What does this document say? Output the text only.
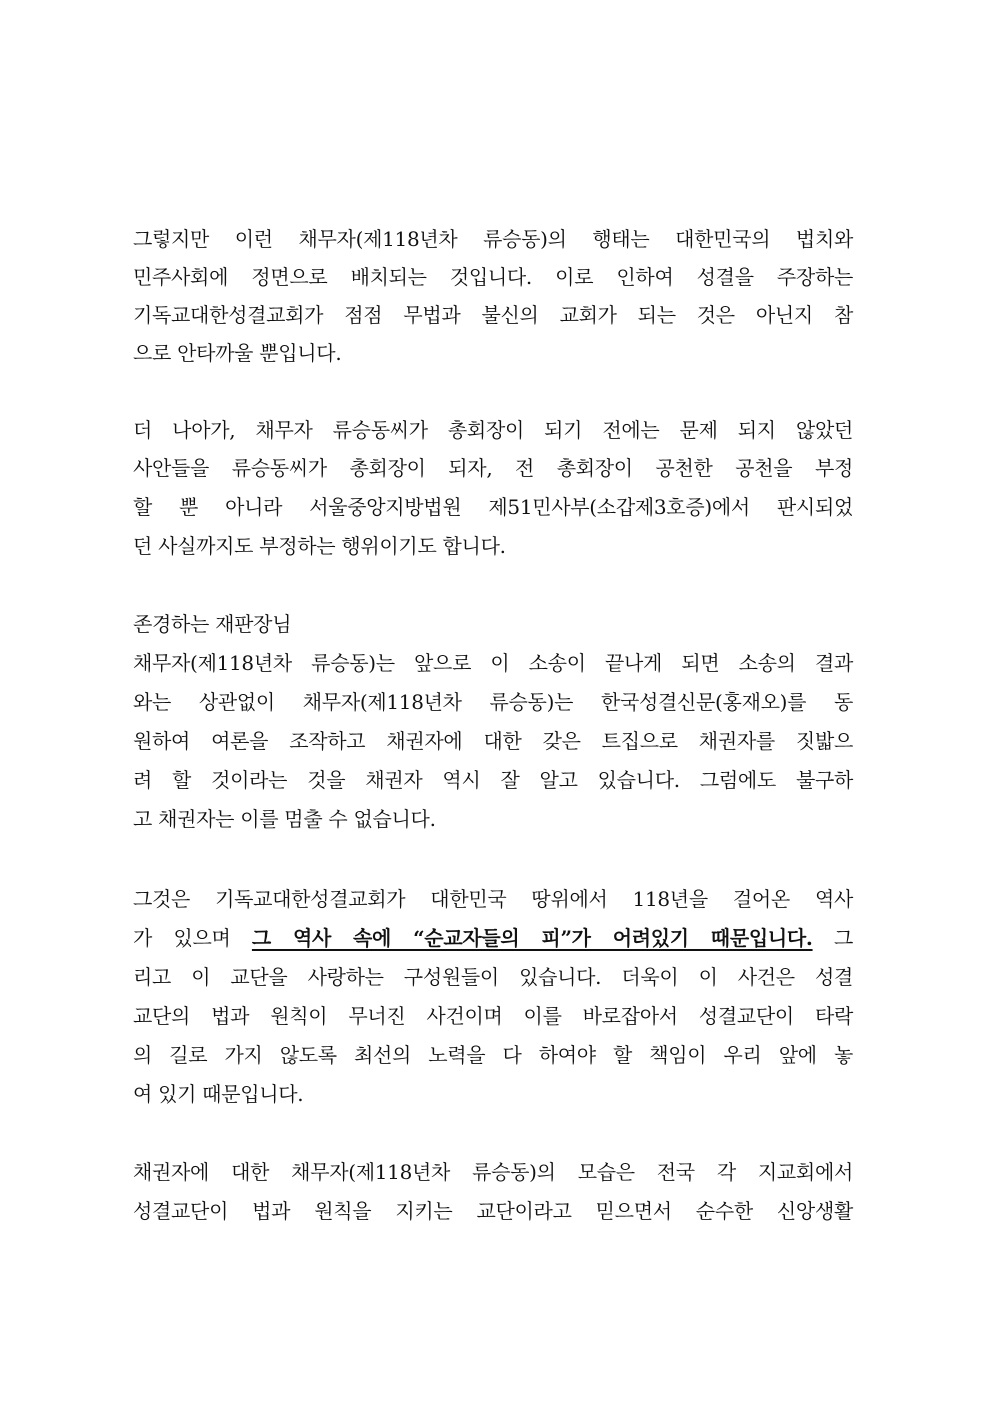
그렇지만 이런 채무자(제118년차 류승동)의 행태는 대한민국의 법치와
민주사회에 정면으로 배치되는 것입니다. 이로 인하여 성결을 주장하는
기독교대한성결교회가 점점 무법과 불신의 교회가 되는 것은 아닌지 참
으로 안타까울 뿐입니다.
더 나아가, 채무자 류승동씨가 총회장이 되기 전에는 문제 되지 않았던
사안들을 류승동씨가 총회장이 되자, 전 총회장이 공천한 공천을 부정
할 뿐 아니라 서울중앙지방법원 제51민사부(소갑제3호증)에서 판시되었
던 사실까지도 부정하는 행위이기도 합니다.
존경하는 재판장님
채무자(제118년차 류승동)는 앞으로 이 소송이 끝나게 되면 소송의 결과
와는 상관없이 채무자(제118년차 류승동)는 한국성결신문(홍재오)를 동
원하여 여론을 조작하고 채권자에 대한 갖은 트집으로 채권자를 짓밟으
려 할 것이라는 것을 채권자 역시 잘 알고 있습니다. 그럼에도 불구하
고 채권자는 이를 멈출 수 없습니다.
그것은 기독교대한성결교회가 대한민국 땅위에서 118년을 걸어온 역사
가 있으며 그 역사 속에 “순교자들의 피”가 어려있기 때문입니다. 그
리고 이 교단을 사랑하는 구성원들이 있습니다. 더욱이 이 사건은 성결
교단의 법과 원칙이 무너진 사건이며 이를 바로잡아서 성결교단이 타락
의 길로 가지 않도록 최선의 노력을 다 하여야 할 책임이 우리 앞에 놓
여 있기 때문입니다.
채권자에 대한 채무자(제118년차 류승동)의 모습은 전국 각 지교회에서
성결교단이 법과 원칙을 지키는 교단이라고 믿으면서 순수한 신앙생활
